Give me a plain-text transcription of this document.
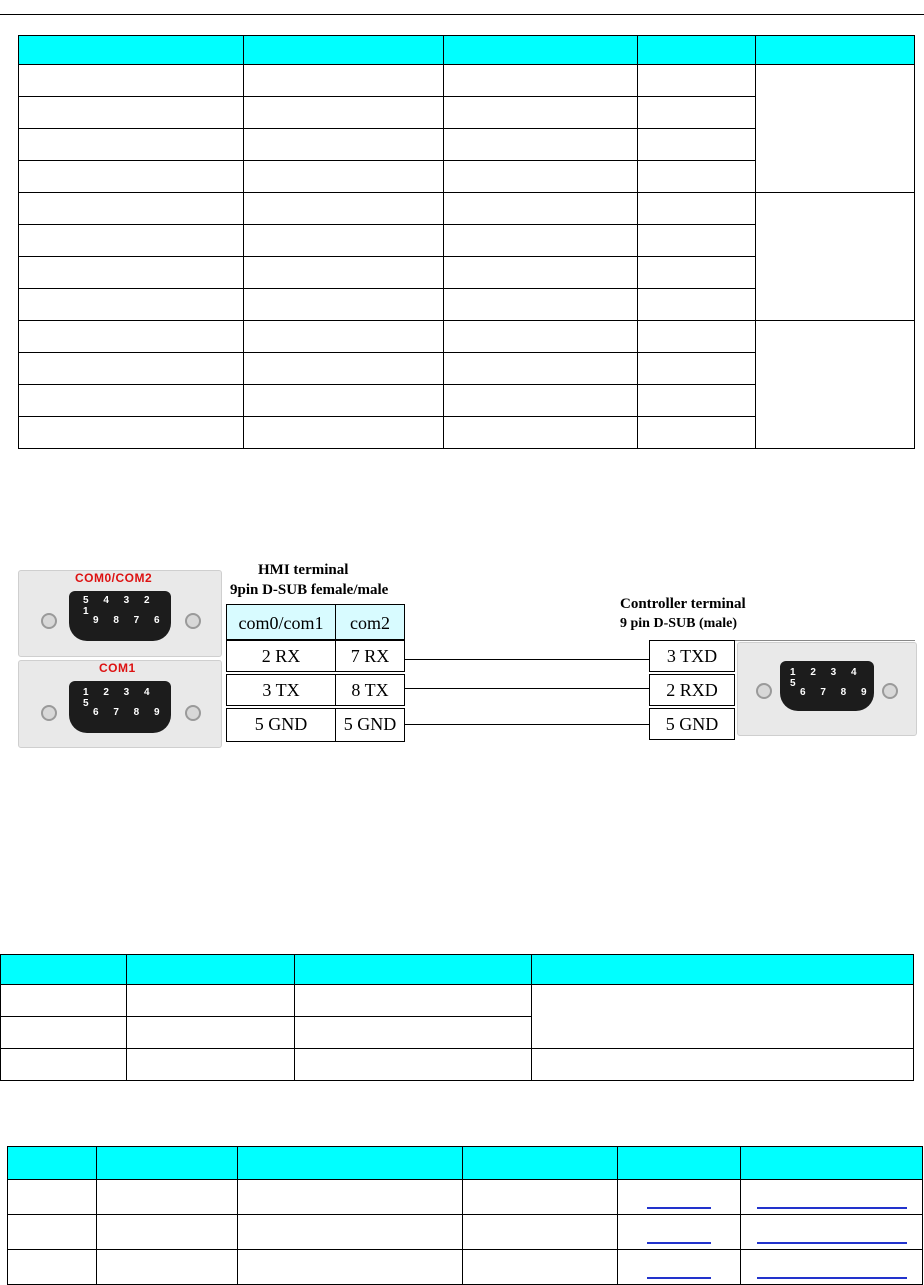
COM0/COM2
5 4 3 2 1
9 8 7 6
COM1
1 2 3 4 5
6 7 8 9
HMI terminal
9pin D-SUB female/male
com0/com1	com2
2 RX	7 RX
3 TX	8 TX
5 GND	5 GND
Controller terminal
9 pin D-SUB (male)
3 TXD
2 RXD
5 GND
1 2 3 4 5
6 7 8 9
